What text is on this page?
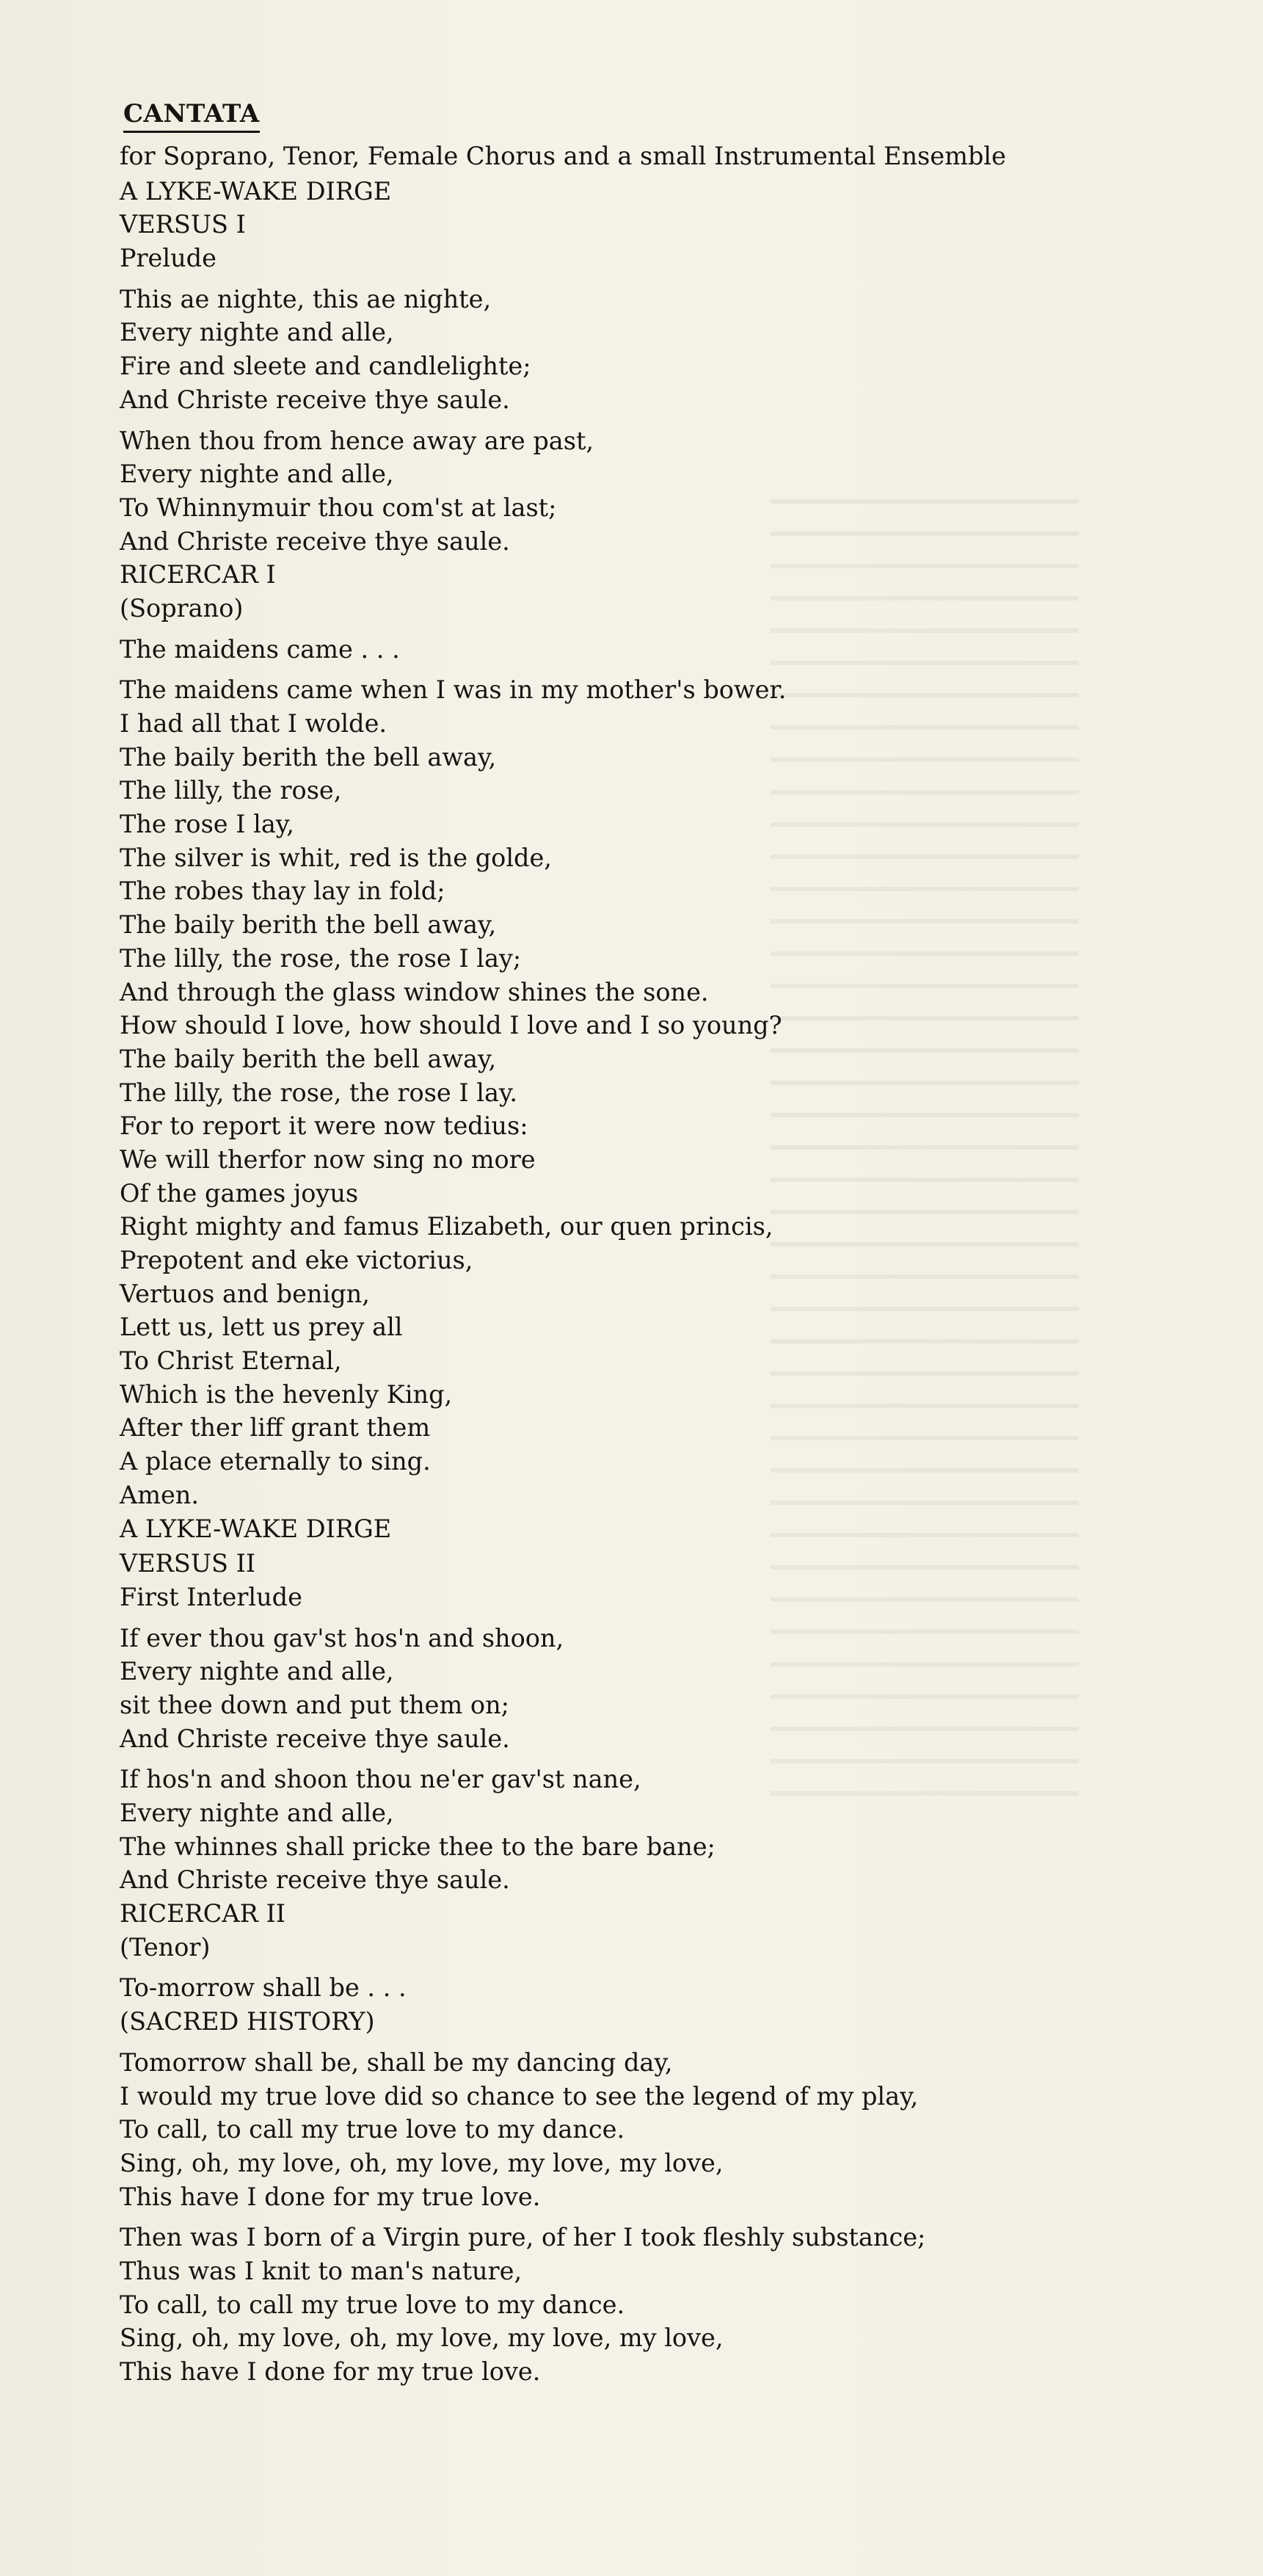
CANTATA
for Soprano, Tenor, Female Chorus and a small Instrumental Ensemble
A LYKE-WAKE DIRGE
VERSUS I
Prelude
This ae nighte, this ae nighte,
Every nighte and alle,
Fire and sleete and candlelighte;
And Christe receive thye saule.
When thou from hence away are past,
Every nighte and alle,
To Whinnymuir thou com'st at last;
And Christe receive thye saule.
RICERCAR I
(Soprano)
The maidens came . . .
The maidens came when I was in my mother's bower.
I had all that I wolde.
The baily berith the bell away,
The lilly, the rose,
The rose I lay,
The silver is whit, red is the golde,
The robes thay lay in fold;
The baily berith the bell away,
The lilly, the rose, the rose I lay;
And through the glass window shines the sone.
How should I love, how should I love and I so young?
The baily berith the bell away,
The lilly, the rose, the rose I lay.
For to report it were now tedius:
We will therfor now sing no more
Of the games joyus
Right mighty and famus Elizabeth, our quen princis,
Prepotent and eke victorius,
Vertuos and benign,
Lett us, lett us prey all
To Christ Eternal,
Which is the hevenly King,
After ther liff grant them
A place eternally to sing.
Amen.
A LYKE-WAKE DIRGE
VERSUS II
First Interlude
If ever thou gav'st hos'n and shoon,
Every nighte and alle,
sit thee down and put them on;
And Christe receive thye saule.
If hos'n and shoon thou ne'er gav'st nane,
Every nighte and alle,
The whinnes shall pricke thee to the bare bane;
And Christe receive thye saule.
RICERCAR II
(Tenor)
To-morrow shall be . . .
(SACRED HISTORY)
Tomorrow shall be, shall be my dancing day,
I would my true love did so chance to see the legend of my play,
To call, to call my true love to my dance.
Sing, oh, my love, oh, my love, my love, my love,
This have I done for my true love.
Then was I born of a Virgin pure, of her I took fleshly substance;
Thus was I knit to man's nature,
To call, to call my true love to my dance.
Sing, oh, my love, oh, my love, my love, my love,
This have I done for my true love.
